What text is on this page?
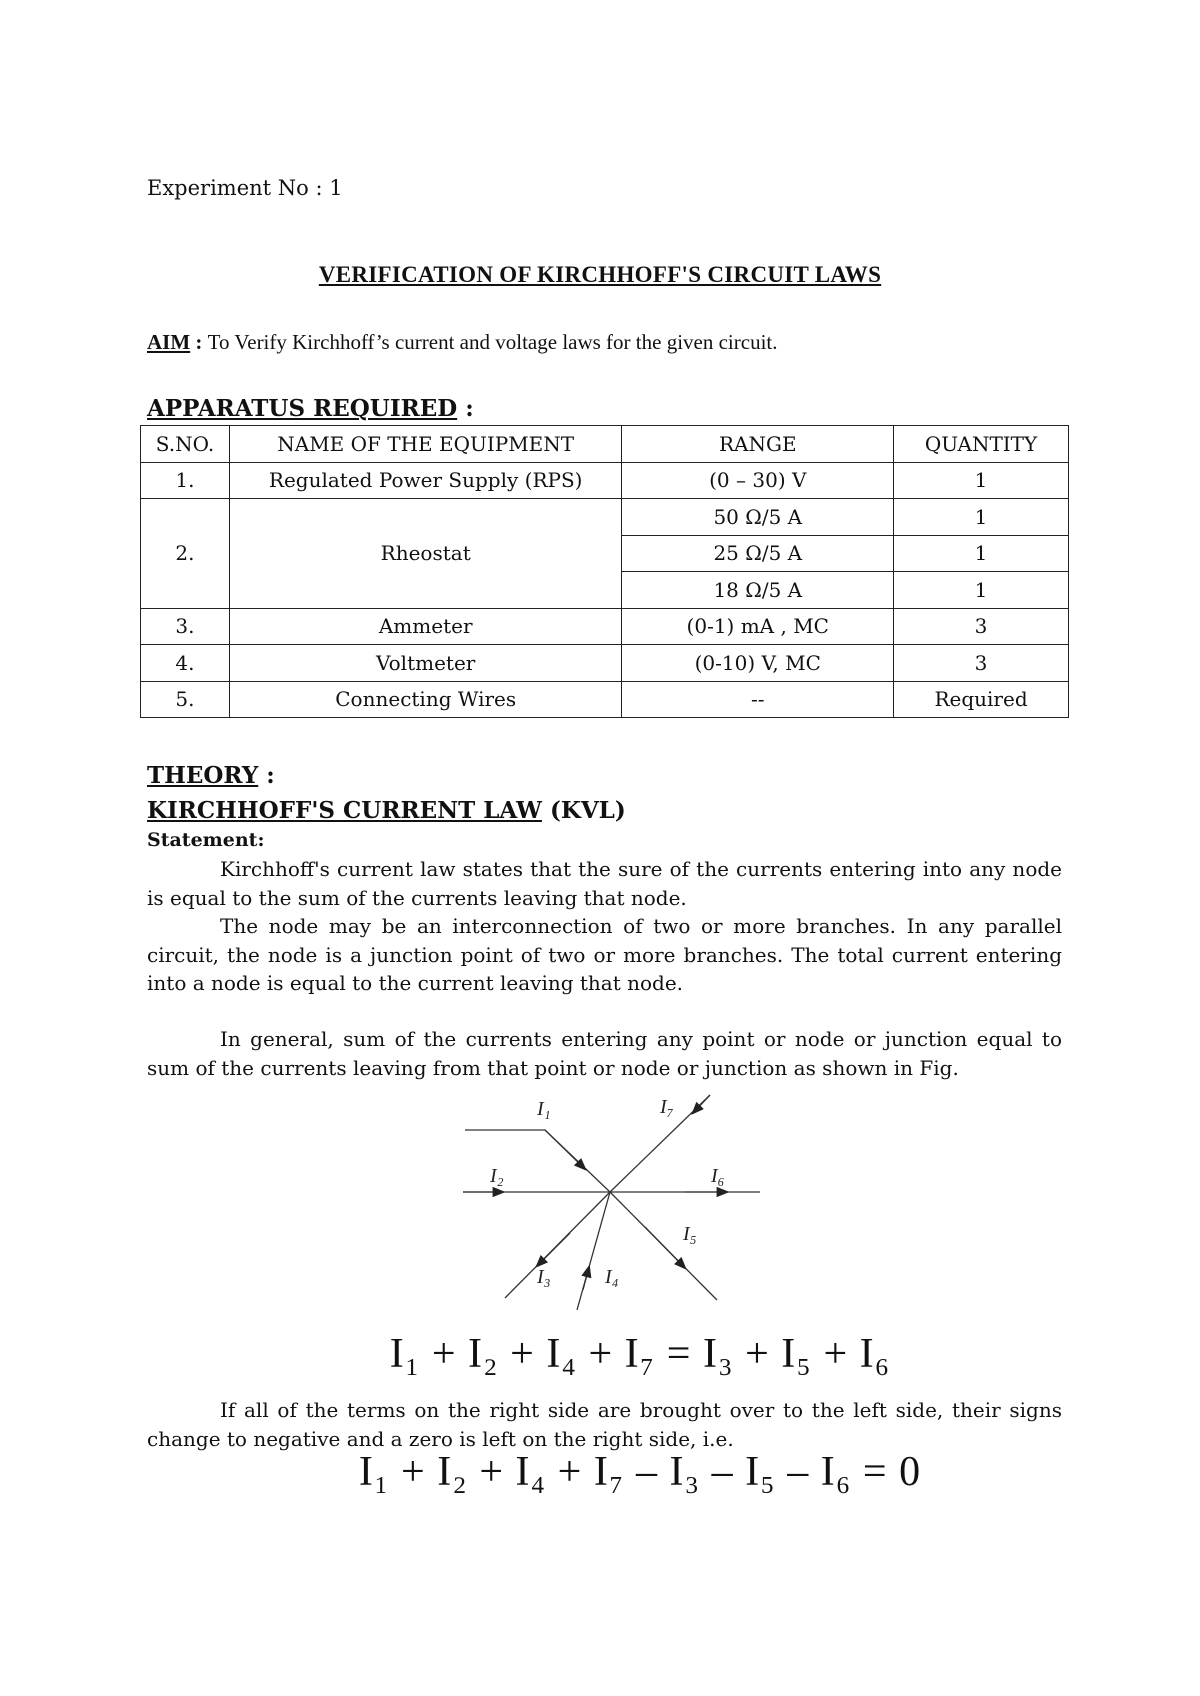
Experiment No : 1
VERIFICATION OF KIRCHHOFF'S CIRCUIT LAWS
AIM : To Verify Kirchhoff’s current and voltage laws for the given circuit.
APPARATUS REQUIRED :
S.NO.	NAME OF THE EQUIPMENT	RANGE	QUANTITY
1.	Regulated Power Supply (RPS)	(0 – 30) V	1
2.	Rheostat	50 Ω/5 A	1
		25 Ω/5 A	1
		18 Ω/5 A	1
3.	Ammeter	(0-1) mA , MC	3
4.	Voltmeter	(0-10) V, MC	3
5.	Connecting Wires	--	Required
THEORY :
KIRCHHOFF'S CURRENT LAW (KVL)
Statement:
Kirchhoff's current law states that the sure of the currents entering into any node is equal to the sum of the currents leaving that node.
The node may be an interconnection of two or more branches. In any parallel circuit, the node is a junction point of two or more branches. The total current entering into a node is equal to the current leaving that node.
In general, sum of the currents entering any point or node or junction equal to sum of the currents leaving from that point or node or junction as shown in Fig.
I₁
I₂
I₃	I₄
I₅
I₆
I₇
I₁ + I₂ + I₄ + I₇ = I₃ + I₅ + I₆
If all of the terms on the right side are brought over to the left side, their signs change to negative and a zero is left on the right side, i.e.
I₁ + I₂ + I₄ + I₇ – I₃ – I₅ – I₆ = 0
